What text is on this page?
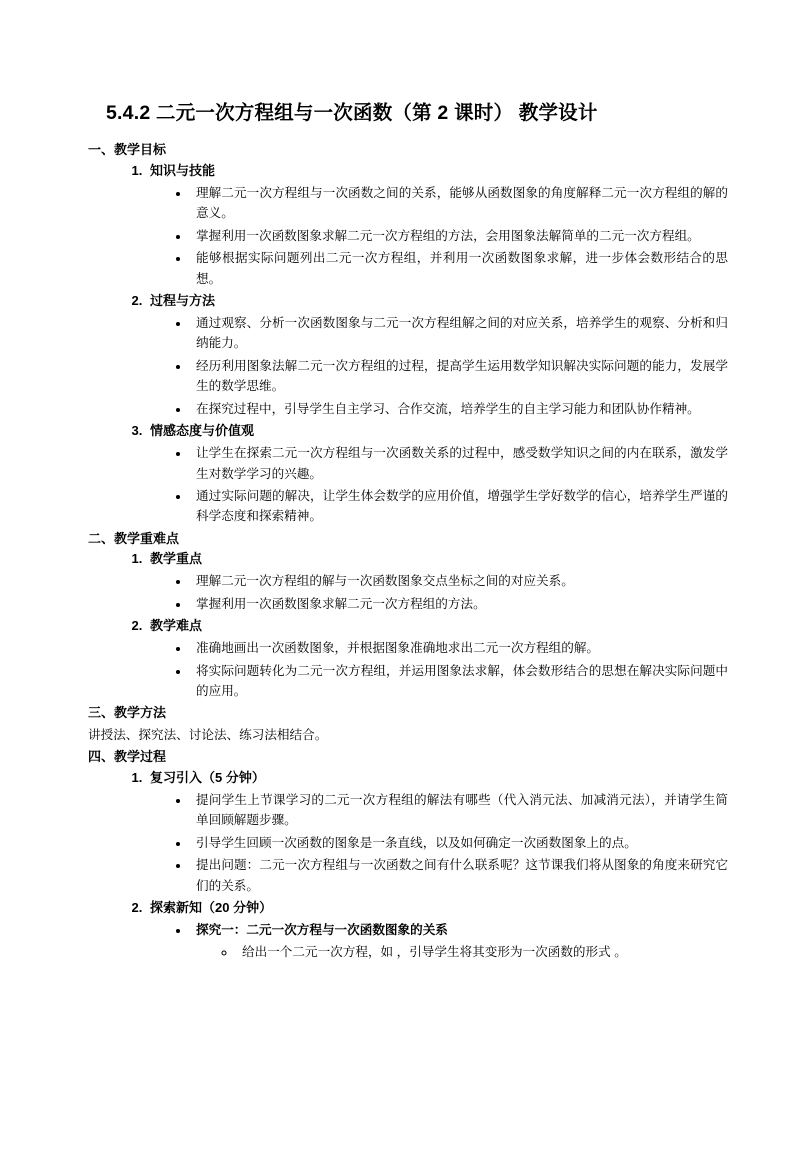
5.4.2 二元一次方程组与一次函数（第 2 课时） 教学设计
一、教学目标
1. 知识与技能
• 理解二元一次方程组与一次函数之间的关系，能够从函数图象的角度解释二元一次方程组的解的意义。
• 掌握利用一次函数图象求解二元一次方程组的方法，会用图象法解简单的二元一次方程组。
• 能够根据实际问题列出二元一次方程组，并利用一次函数图象求解，进一步体会数形结合的思想。
2. 过程与方法
• 通过观察、分析一次函数图象与二元一次方程组解之间的对应关系，培养学生的观察、分析和归纳能力。
• 经历利用图象法解二元一次方程组的过程，提高学生运用数学知识解决实际问题的能力，发展学生的数学思维。
• 在探究过程中，引导学生自主学习、合作交流，培养学生的自主学习能力和团队协作精神。
3. 情感态度与价值观
• 让学生在探索二元一次方程组与一次函数关系的过程中，感受数学知识之间的内在联系，激发学生对数学学习的兴趣。
• 通过实际问题的解决，让学生体会数学的应用价值，增强学生学好数学的信心，培养学生严谨的科学态度和探索精神。
二、教学重难点
1. 教学重点
• 理解二元一次方程组的解与一次函数图象交点坐标之间的对应关系。
• 掌握利用一次函数图象求解二元一次方程组的方法。
2. 教学难点
• 准确地画出一次函数图象，并根据图象准确地求出二元一次方程组的解。
• 将实际问题转化为二元一次方程组，并运用图象法求解，体会数形结合的思想在解决实际问题中的应用。
三、教学方法

讲授法、探究法、讨论法、练习法相结合。

四、教学过程
1. 复习引入（5 分钟）
• 提问学生上节课学习的二元一次方程组的解法有哪些（代入消元法、加减消元法），并请学生简单回顾解题步骤。
• 引导学生回顾一次函数的图象是一条直线，以及如何确定一次函数图象上的点。
• 提出问题：二元一次方程组与一次函数之间有什么联系呢？这节课我们将从图象的角度来研究它们的关系。
2. 探索新知（20 分钟）
• 探究一：二元一次方程与一次函数图象的关系
◦ 给出一个二元一次方程，如 ，引导学生将其变形为一次函数的形式 。
